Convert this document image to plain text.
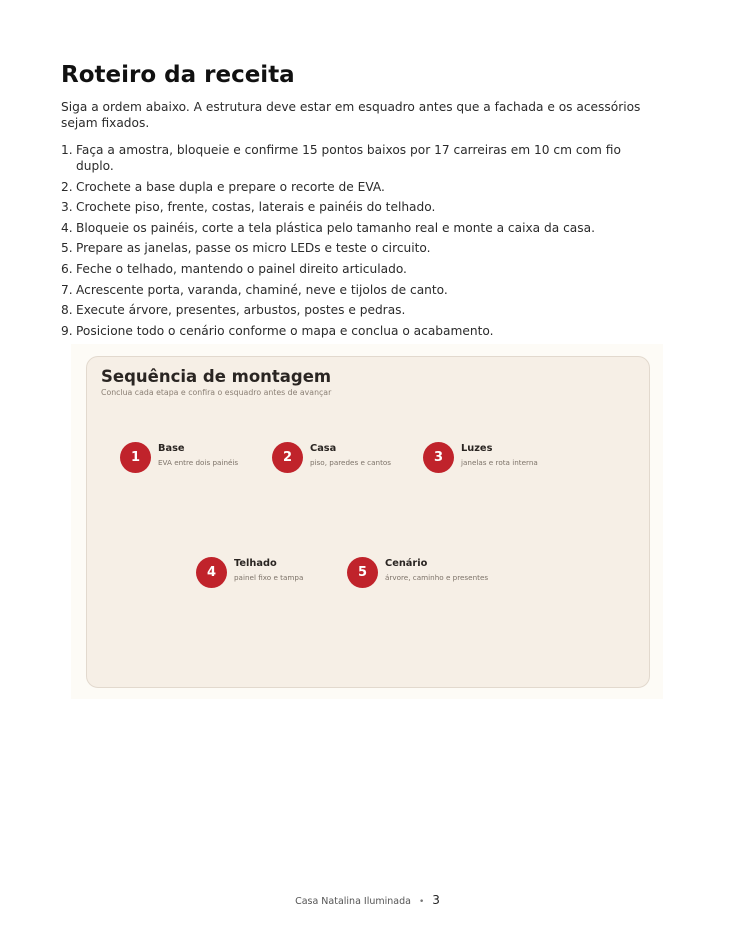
Roteiro da receita

Siga a ordem abaixo. A estrutura deve estar em esquadro antes que a fachada e os acessórios sejam fixados.

1. Faça a amostra, bloqueie e confirme 15 pontos baixos por 17 carreiras em 10 cm com fio duplo.
2. Crochete a base dupla e prepare o recorte de EVA.
3. Crochete piso, frente, costas, laterais e painéis do telhado.
4. Bloqueie os painéis, corte a tela plástica pelo tamanho real e monte a caixa da casa.
5. Prepare as janelas, passe os micro LEDs e teste o circuito.
6. Feche o telhado, mantendo o painel direito articulado.
7. Acrescente porta, varanda, chaminé, neve e tijolos de canto.
8. Execute árvore, presentes, arbustos, postes e pedras.
9. Posicione todo o cenário conforme o mapa e conclua o acabamento.
Sequência de montagem
Conclua cada etapa e confira o esquadro antes de avançar
1
Base
EVA entre dois painéis	2
Casa
piso, paredes e cantos	3
Luzes
janelas e rota interna
4
Telhado
painel fixo e tampa	5
Cenário
árvore, caminho e presentes
Casa Natalina Iluminada • 3
